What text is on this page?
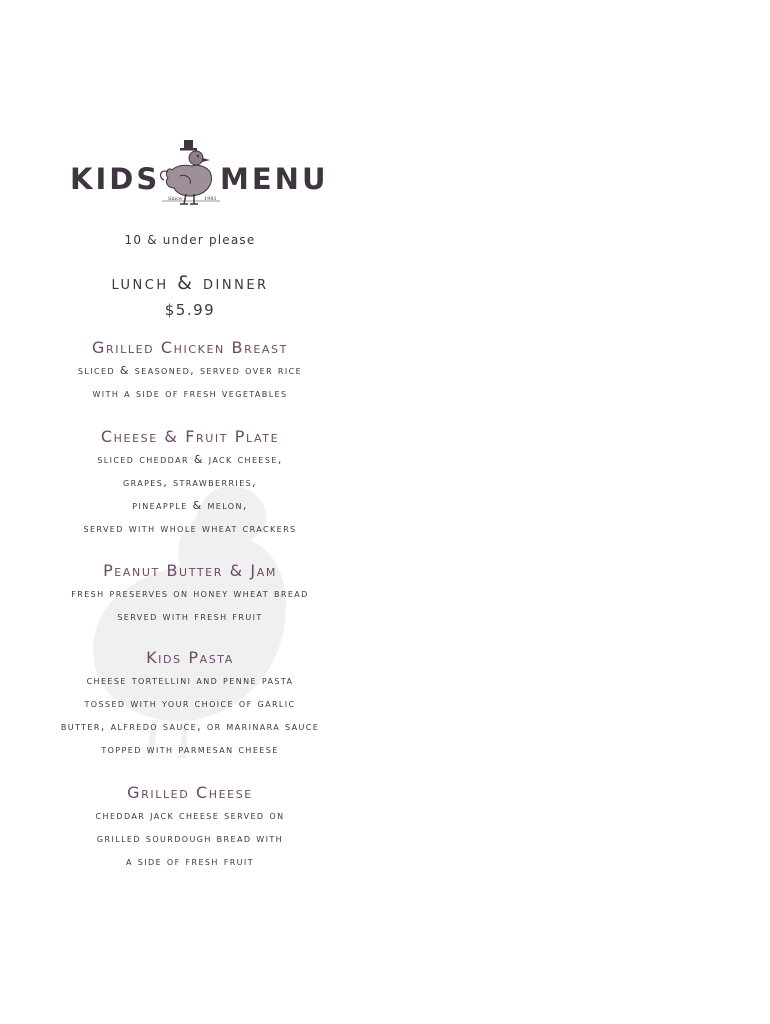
KIDS
Since	1981
MENU
10 & under please
lunch & dinner
$5.99
Grilled Chicken Breast
sliced & seasoned, served over rice
with a side of fresh vegetables
Cheese & Fruit Plate
sliced cheddar & jack cheese,
grapes, strawberries,
pineapple & melon,
served with whole wheat crackers
Peanut Butter & Jam
fresh preserves on honey wheat bread
served with fresh fruit
Kids Pasta
cheese tortellini and penne pasta
tossed with your choice of garlic
butter, alfredo sauce, or marinara sauce
topped with parmesan cheese
Grilled Cheese
cheddar jack cheese served on
grilled sourdough bread with
a side of fresh fruit
